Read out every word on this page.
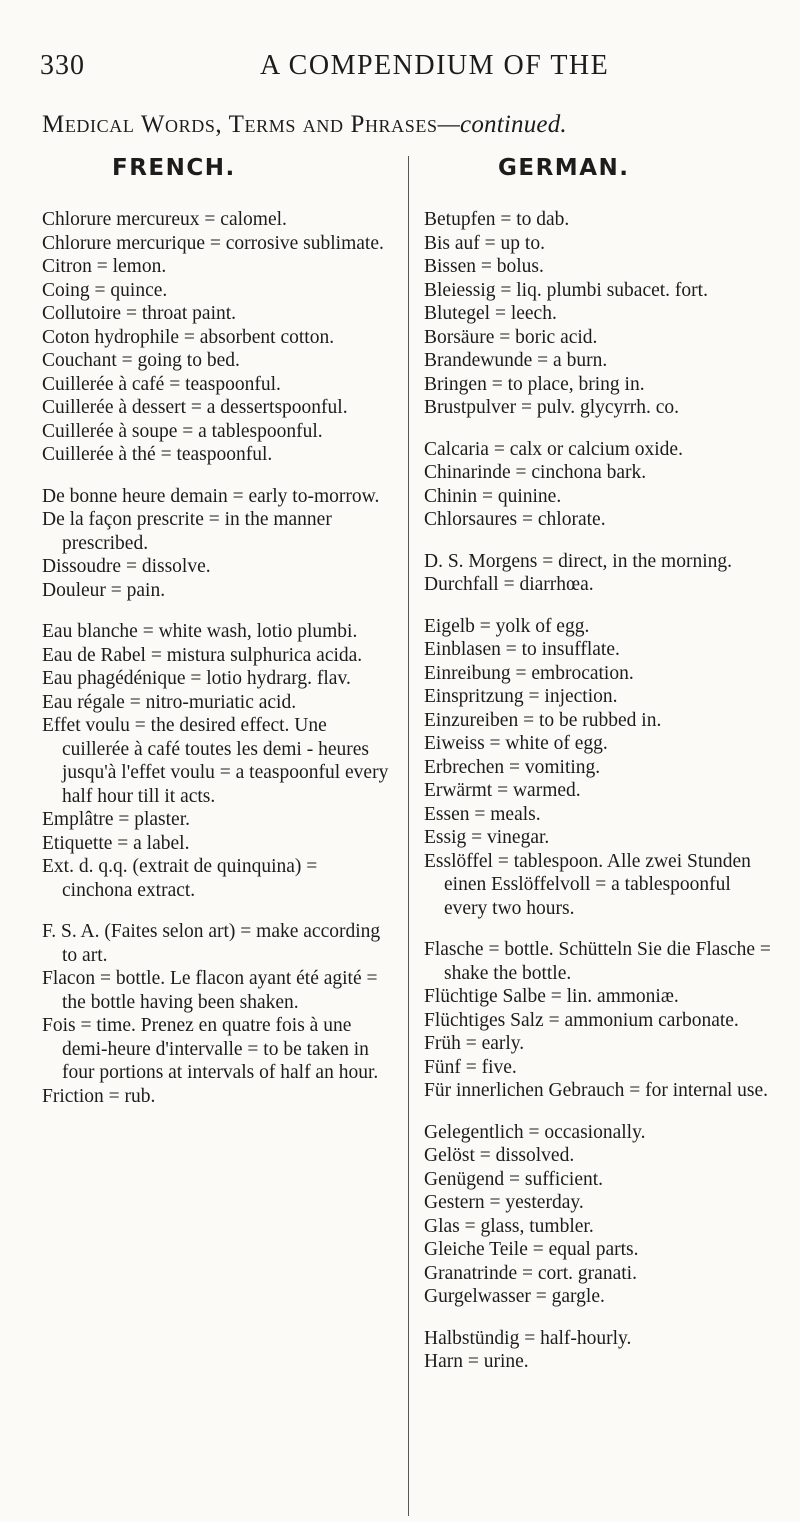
330	A COMPENDIUM OF THE
Medical Words, Terms and Phrases—continued.
FRENCH.	GERMAN.

Chlorure mercureux = calomel.

Chlorure mercurique = corrosive sublimate.

Citron = lemon.

Coing = quince.

Collutoire = throat paint.

Coton hydrophile = absorbent cotton.

Couchant = going to bed.

Cuillerée à café = teaspoonful.

Cuillerée à dessert = a dessertspoonful.

Cuillerée à soupe = a tablespoonful.

Cuillerée à thé = teaspoonful.

De bonne heure demain = early to-morrow.

De la façon prescrite = in the manner prescribed.

Dissoudre = dissolve.

Douleur = pain.

Eau blanche = white wash, lotio plumbi.

Eau de Rabel = mistura sulphurica acida.

Eau phagédénique = lotio hydrarg. flav.

Eau régale = nitro-muriatic acid.

Effet voulu = the desired effect. Une cuillerée à café toutes les demi - heures jusqu'à l'effet voulu = a teaspoonful every half hour till it acts.

Emplâtre = plaster.

Etiquette = a label.

Ext. d. q.q. (extrait de quinquina) = cinchona extract.

F. S. A. (Faites selon art) = make according to art.

Flacon = bottle. Le flacon ayant été agité = the bottle having been shaken.

Fois = time. Prenez en quatre fois à une demi-heure d'intervalle = to be taken in four portions at intervals of half an hour.

Friction = rub.

Betupfen = to dab.

Bis auf = up to.

Bissen = bolus.

Bleiessig = liq. plumbi subacet. fort.

Blutegel = leech.

Borsäure = boric acid.

Brandewunde = a burn.

Bringen = to place, bring in.

Brustpulver = pulv. glycyrrh. co.

Calcaria = calx or calcium oxide.

Chinarinde = cinchona bark.

Chinin = quinine.

Chlorsaures = chlorate.

D. S. Morgens = direct, in the morning.

Durchfall = diarrhœa.

Eigelb = yolk of egg.

Einblasen = to insufflate.

Einreibung = embrocation.

Einspritzung = injection.

Einzureiben = to be rubbed in.

Eiweiss = white of egg.

Erbrechen = vomiting.

Erwärmt = warmed.

Essen = meals.

Essig = vinegar.

Esslöffel = tablespoon. Alle zwei Stunden einen Esslöffelvoll = a tablespoonful every two hours.

Flasche = bottle. Schütteln Sie die Flasche = shake the bottle.

Flüchtige Salbe = lin. ammoniæ.

Flüchtiges Salz = ammonium carbonate.

Früh = early.

Fünf = five.

Für innerlichen Gebrauch = for internal use.

Gelegentlich = occasionally.

Gelöst = dissolved.

Genügend = sufficient.

Gestern = yesterday.

Glas = glass, tumbler.

Gleiche Teile = equal parts.

Granatrinde = cort. granati.

Gurgelwasser = gargle.

Halbstündig = half-hourly.

Harn = urine.
